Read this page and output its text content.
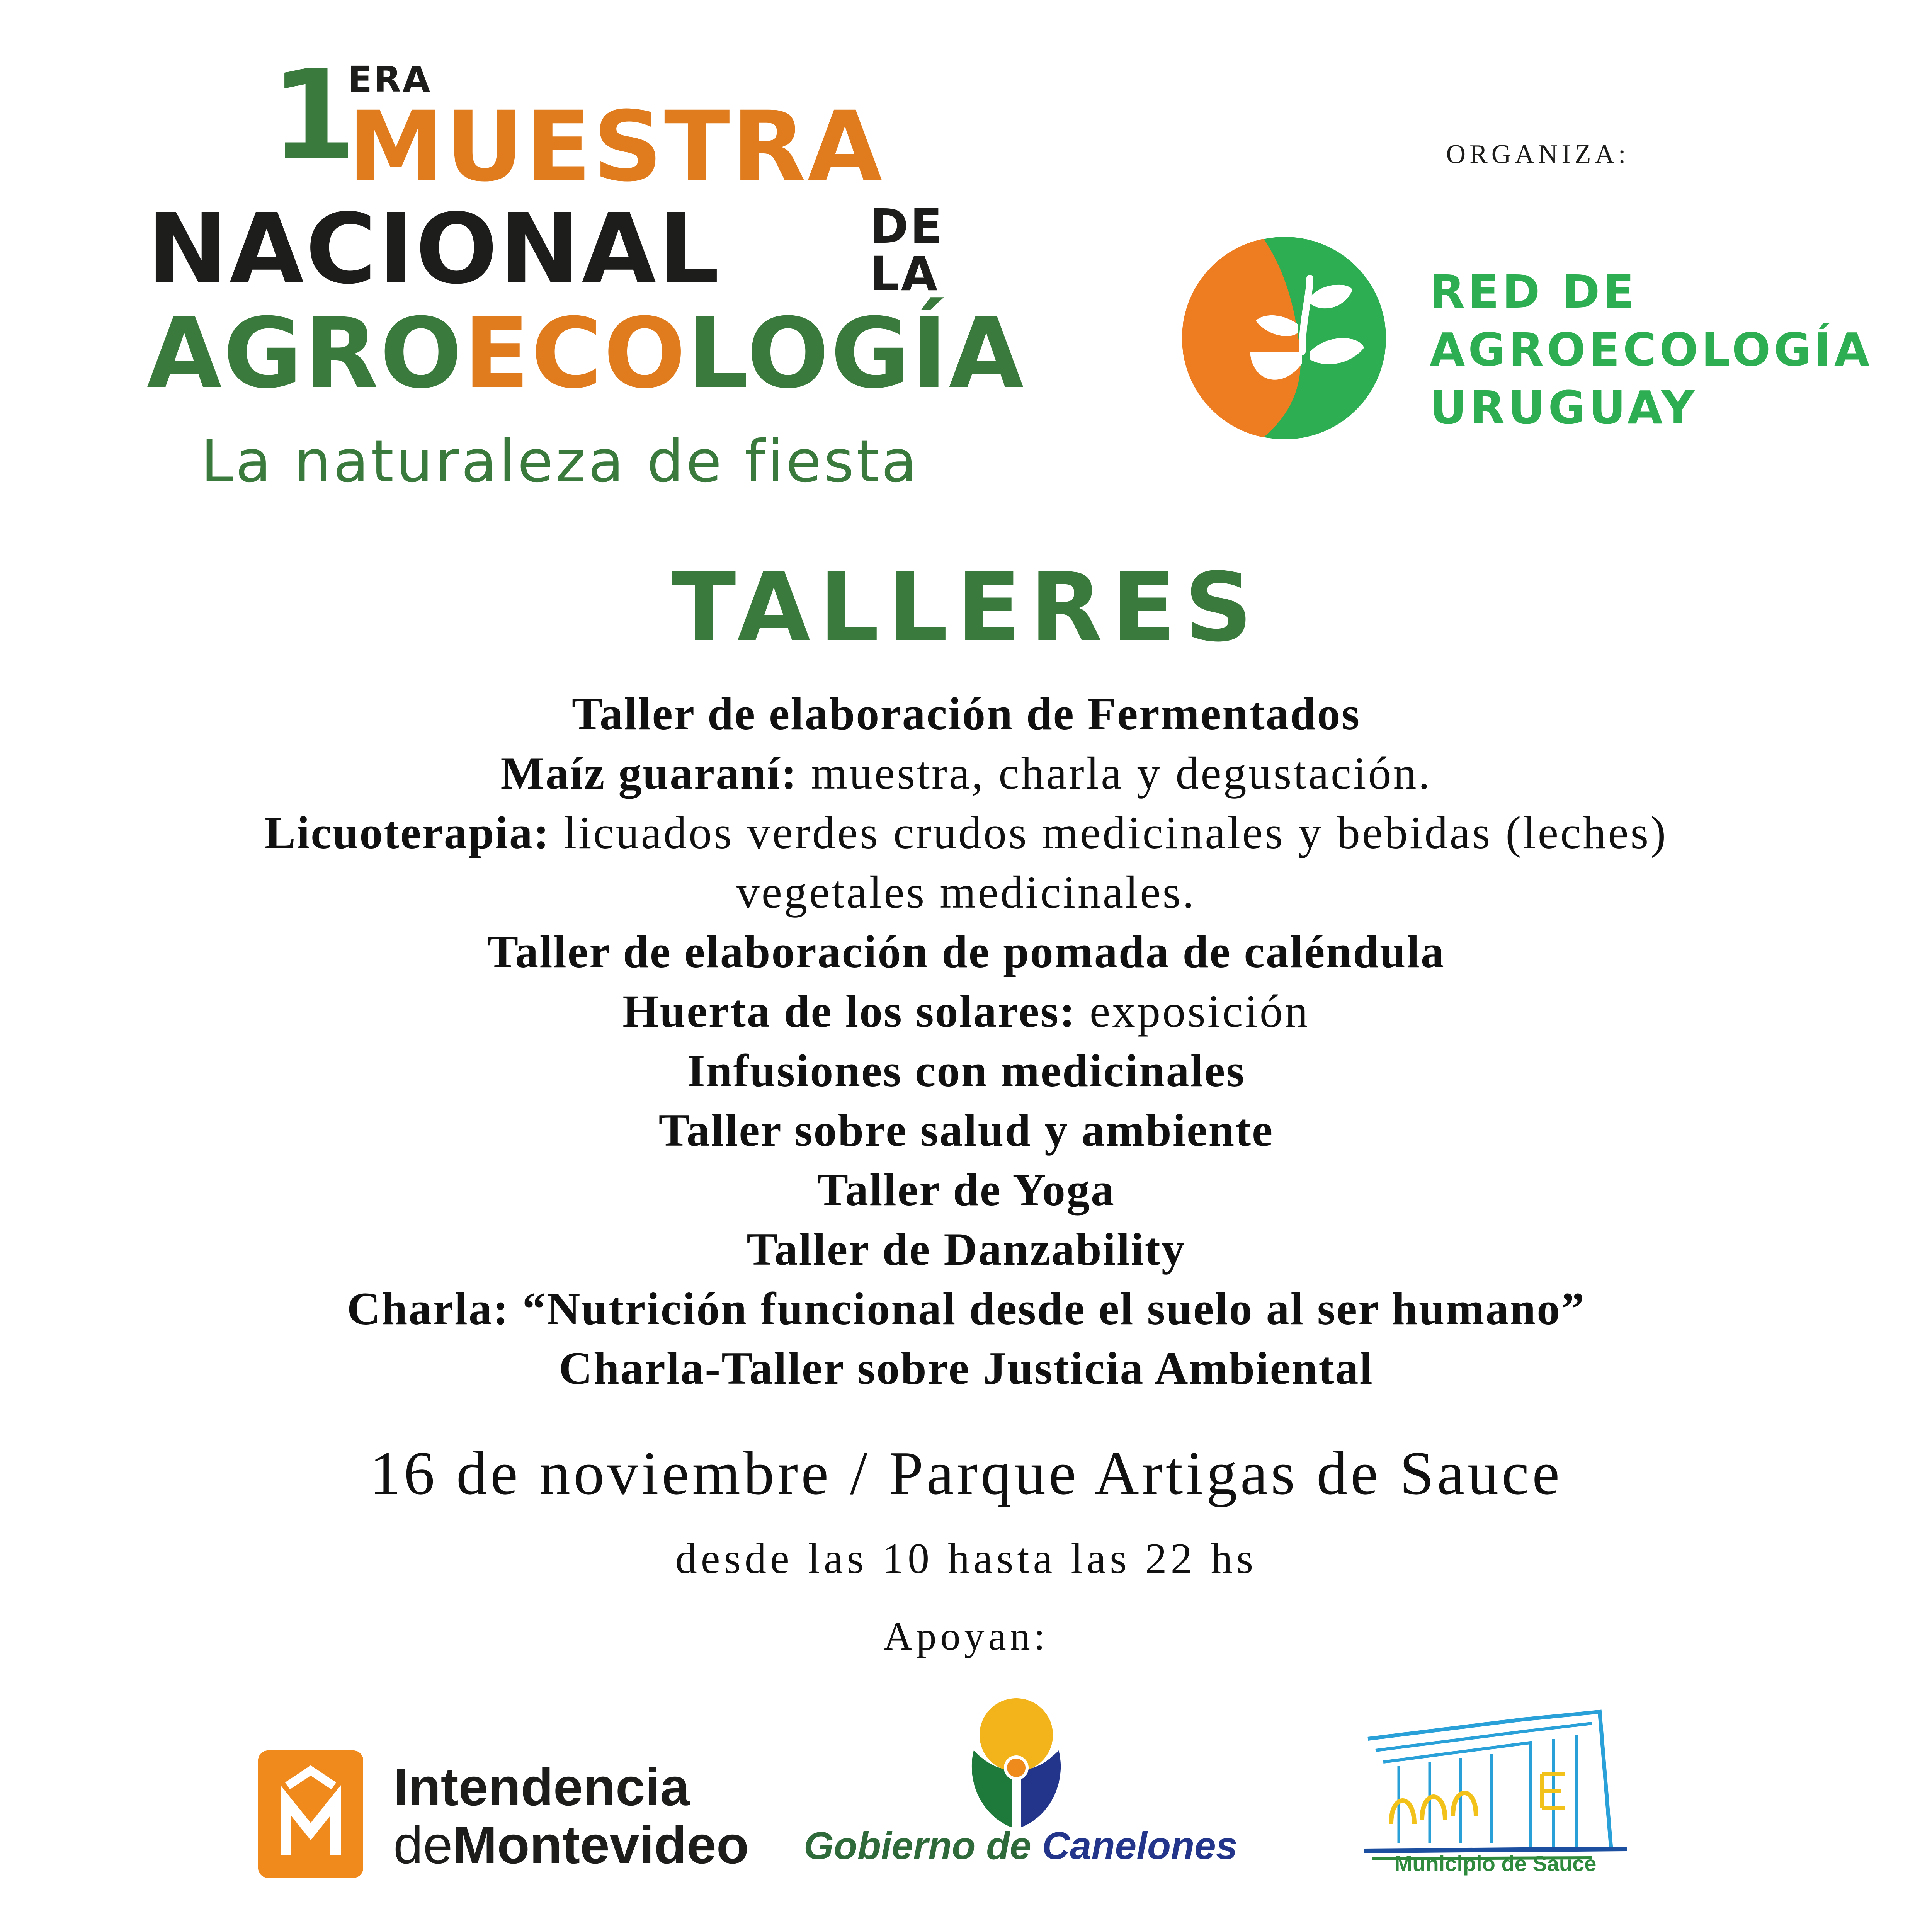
1
ERA
MUESTRA
NACIONAL	DE
LA
AGROECOLOGÍA
La naturaleza de fiesta
ORGANIZA:
RED DE
AGROECOLOGÍA
URUGUAY
TALLERES
Taller de elaboración de Fermentados
Maíz guaraní: muestra, charla y degustación.
Licuoterapia: licuados verdes crudos medicinales y bebidas (leches)
vegetales medicinales.
Taller de elaboración de pomada de caléndula
Huerta de los solares: exposición
Infusiones con medicinales
Taller sobre salud y ambiente
Taller de Yoga
Taller de Danzability
Charla: “Nutrición funcional desde el suelo al ser humano”
Charla-Taller sobre Justicia Ambiental
16 de noviembre / Parque Artigas de Sauce
desde las 10 hasta las 22 hs
Apoyan:
Intendencia
deMontevideo Gobierno de Canelones	Municipio de Sauce
